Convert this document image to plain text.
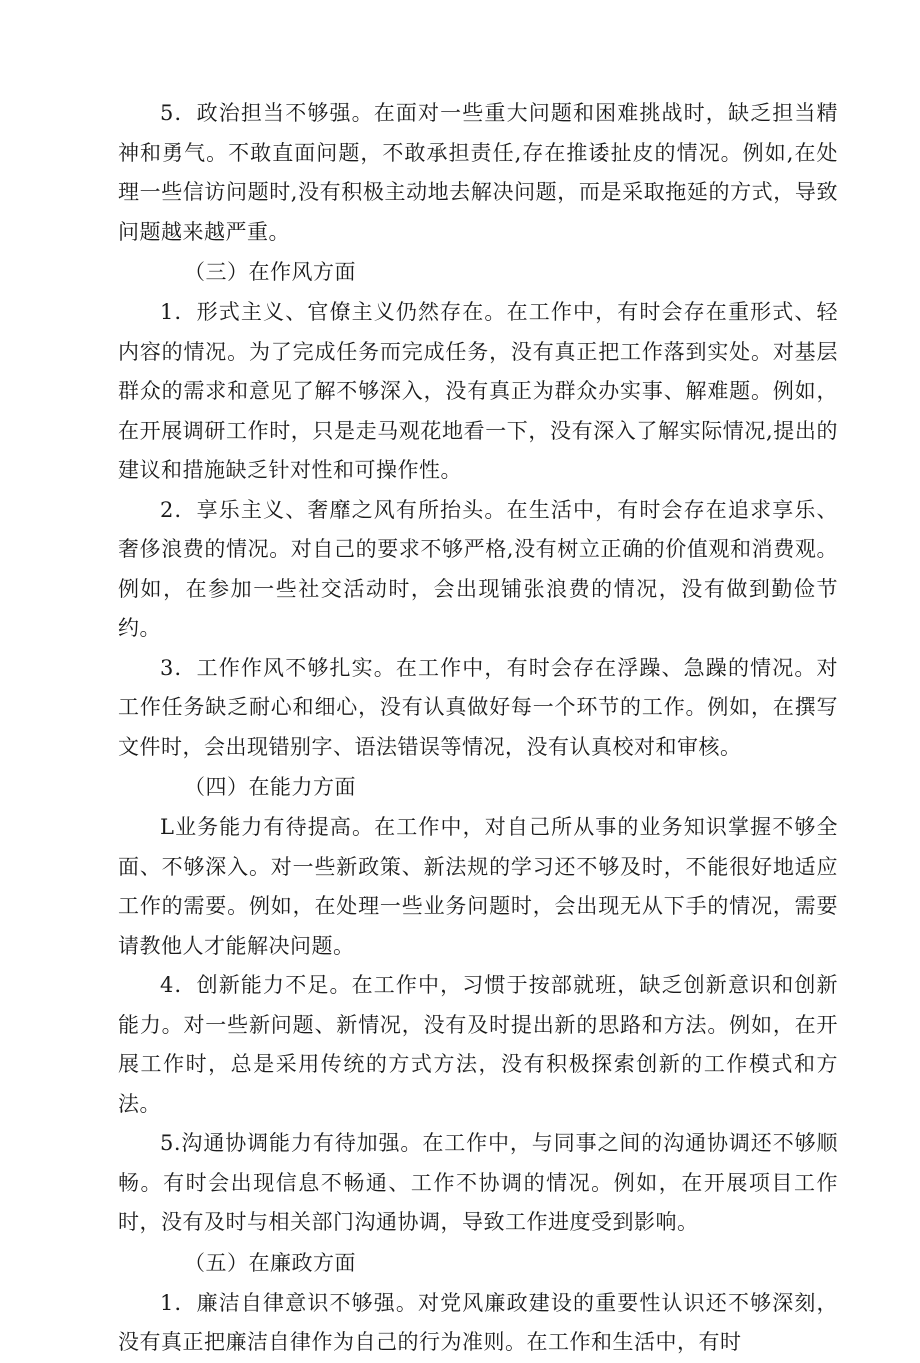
5．政治担当不够强。在面对一些重大问题和困难挑战时，缺乏担当精神和勇气。不敢直面问题，不敢承担责任,存在推诿扯皮的情况。例如,在处理一些信访问题时,没有积极主动地去解决问题，而是采取拖延的方式，导致问题越来越严重。

（三）在作风方面

1．形式主义、官僚主义仍然存在。在工作中，有时会存在重形式、轻内容的情况。为了完成任务而完成任务，没有真正把工作落到实处。对基层群众的需求和意见了解不够深入，没有真正为群众办实事、解难题。例如，在开展调研工作时，只是走马观花地看一下，没有深入了解实际情况,提出的建议和措施缺乏针对性和可操作性。

2．享乐主义、奢靡之风有所抬头。在生活中，有时会存在追求享乐、奢侈浪费的情况。对自己的要求不够严格,没有树立正确的价值观和消费观。例如，在参加一些社交活动时，会出现铺张浪费的情况，没有做到勤俭节约。

3．工作作风不够扎实。在工作中，有时会存在浮躁、急躁的情况。对工作任务缺乏耐心和细心，没有认真做好每一个环节的工作。例如，在撰写文件时，会出现错别字、语法错误等情况，没有认真校对和审核。

（四）在能力方面

L业务能力有待提高。在工作中，对自己所从事的业务知识掌握不够全面、不够深入。对一些新政策、新法规的学习还不够及时，不能很好地适应工作的需要。例如，在处理一些业务问题时，会出现无从下手的情况，需要请教他人才能解决问题。

4．创新能力不足。在工作中，习惯于按部就班，缺乏创新意识和创新能力。对一些新问题、新情况，没有及时提出新的思路和方法。例如，在开展工作时，总是采用传统的方式方法，没有积极探索创新的工作模式和方法。

5.沟通协调能力有待加强。在工作中，与同事之间的沟通协调还不够顺畅。有时会出现信息不畅通、工作不协调的情况。例如，在开展项目工作时，没有及时与相关部门沟通协调，导致工作进度受到影响。

（五）在廉政方面

1．廉洁自律意识不够强。对党风廉政建设的重要性认识还不够深刻，没有真正把廉洁自律作为自己的行为准则。在工作和生活中，有时
